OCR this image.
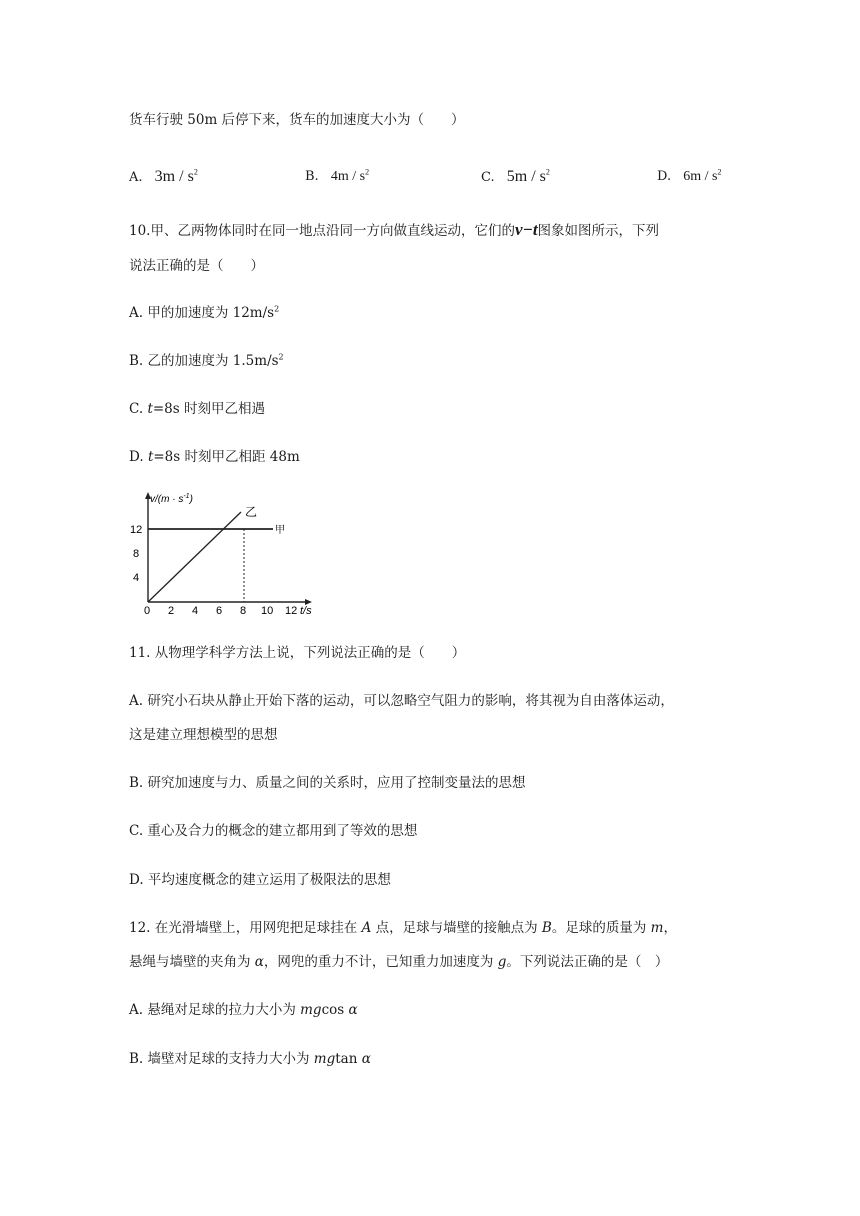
货车行驶 50m 后停下来，货车的加速度大小为（　　）
A. $3m / s^2$	B. $4m / s^2$	C. $5m / s^2$	D. $6m / s^2$
10.甲、乙两物体同时在同一地点沿同一方向做直线运动，它们的v−t图象如图所示，下列
说法正确的是（　　）
A. 甲的加速度为 $12m/s^2$
B. 乙的加速度为 $1.5m/s^2$
C. t=8s 时刻甲乙相遇
D. t=8s 时刻甲乙相距 48m
$v/(m \cdot s^{-1})$
甲
乙
12
8
4
0 2 4 6 8 10 12 t/s
11. 从物理学科学方法上说，下列说法正确的是（　　）
A. 研究小石块从静止开始下落的运动，可以忽略空气阻力的影响，将其视为自由落体运动，
这是建立理想模型的思想
B. 研究加速度与力、质量之间的关系时，应用了控制变量法的思想
C. 重心及合力的概念的建立都用到了等效的思想
D. 平均速度概念的建立运用了极限法的思想
12. 在光滑墙壁上，用网兜把足球挂在 A 点，足球与墙壁的接触点为 B。足球的质量为 m，
悬绳与墙壁的夹角为 α，网兜的重力不计，已知重力加速度为 g。下列说法正确的是（　）
A. 悬绳对足球的拉力大小为 mgcos α
B. 墙壁对足球的支持力大小为 mgtan α
